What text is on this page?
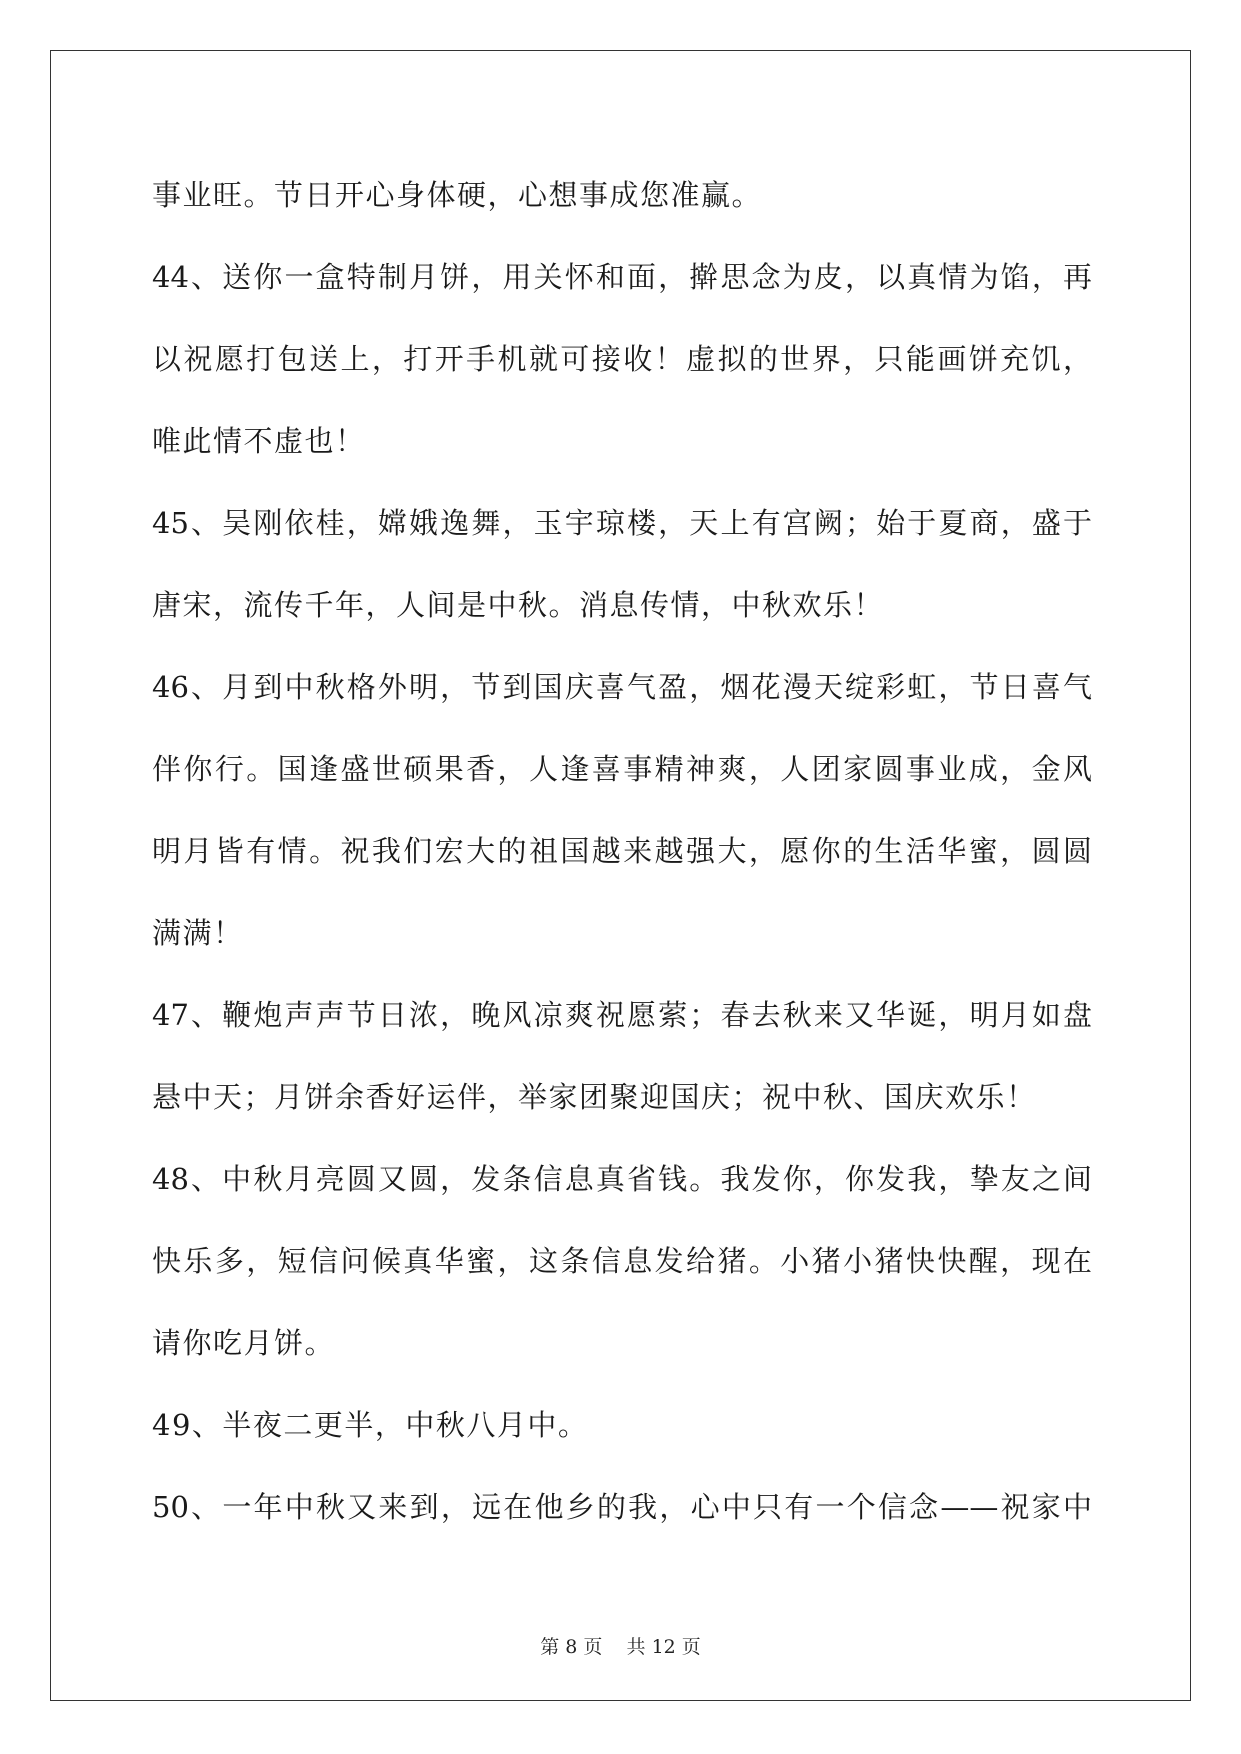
事业旺。节日开心身体硬，心想事成您准赢。
44、送你一盒特制月饼，用关怀和面，擀思念为皮，以真情为馅，再
以祝愿打包送上，打开手机就可接收！虚拟的世界，只能画饼充饥，
唯此情不虚也！
45、吴刚依桂，嫦娥逸舞，玉宇琼楼，天上有宫阙；始于夏商，盛于
唐宋，流传千年，人间是中秋。消息传情，中秋欢乐！
46、月到中秋格外明，节到国庆喜气盈，烟花漫天绽彩虹，节日喜气
伴你行。国逢盛世硕果香，人逢喜事精神爽，人团家圆事业成，金风
明月皆有情。祝我们宏大的祖国越来越强大，愿你的生活华蜜，圆圆
满满！
47、鞭炮声声节日浓，晚风凉爽祝愿萦；春去秋来又华诞，明月如盘
悬中天；月饼余香好运伴，举家团聚迎国庆；祝中秋、国庆欢乐！
48、中秋月亮圆又圆，发条信息真省钱。我发你，你发我，挚友之间
快乐多，短信问候真华蜜，这条信息发给猪。小猪小猪快快醒，现在
请你吃月饼。
49、半夜二更半，中秋八月中。
50、一年中秋又来到，远在他乡的我，心中只有一个信念——祝家中
第 8 页    共 12 页
